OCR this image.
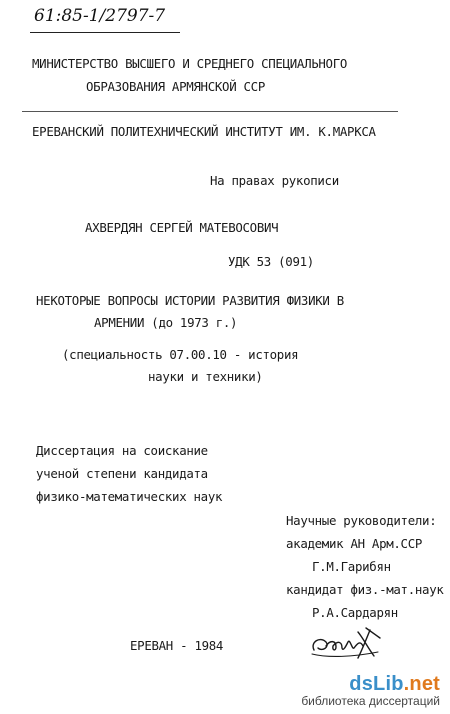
61:85-1/2797-7
МИНИСТЕРСТВО ВЫСШЕГО И СРЕДНЕГО СПЕЦИАЛЬНОГО
ОБРАЗОВАНИЯ АРМЯНСКОЙ ССР
ЕРЕВАНСКИЙ ПОЛИТЕХНИЧЕСКИЙ ИНСТИТУТ ИМ. К.МАРКСА
На правах рукописи
АХВЕРДЯН СЕРГЕЙ МАТЕВОСОВИЧ
УДК 53 (091)
НЕКОТОРЫЕ ВОПРОСЫ ИСТОРИИ РАЗВИТИЯ ФИЗИКИ В
АРМЕНИИ (до 1973 г.)
(специальность 07.00.10 - история
науки и техники)
Диссертация на соискание
ученой степени кандидата
физико-математических наук
Научные руководители:
академик АН Арм.ССР
Г.М.Гарибян
кандидат физ.-мат.наук
Р.А.Сардарян
ЕРЕВАН - 1984
dsLib.net
библиотека диссертаций
